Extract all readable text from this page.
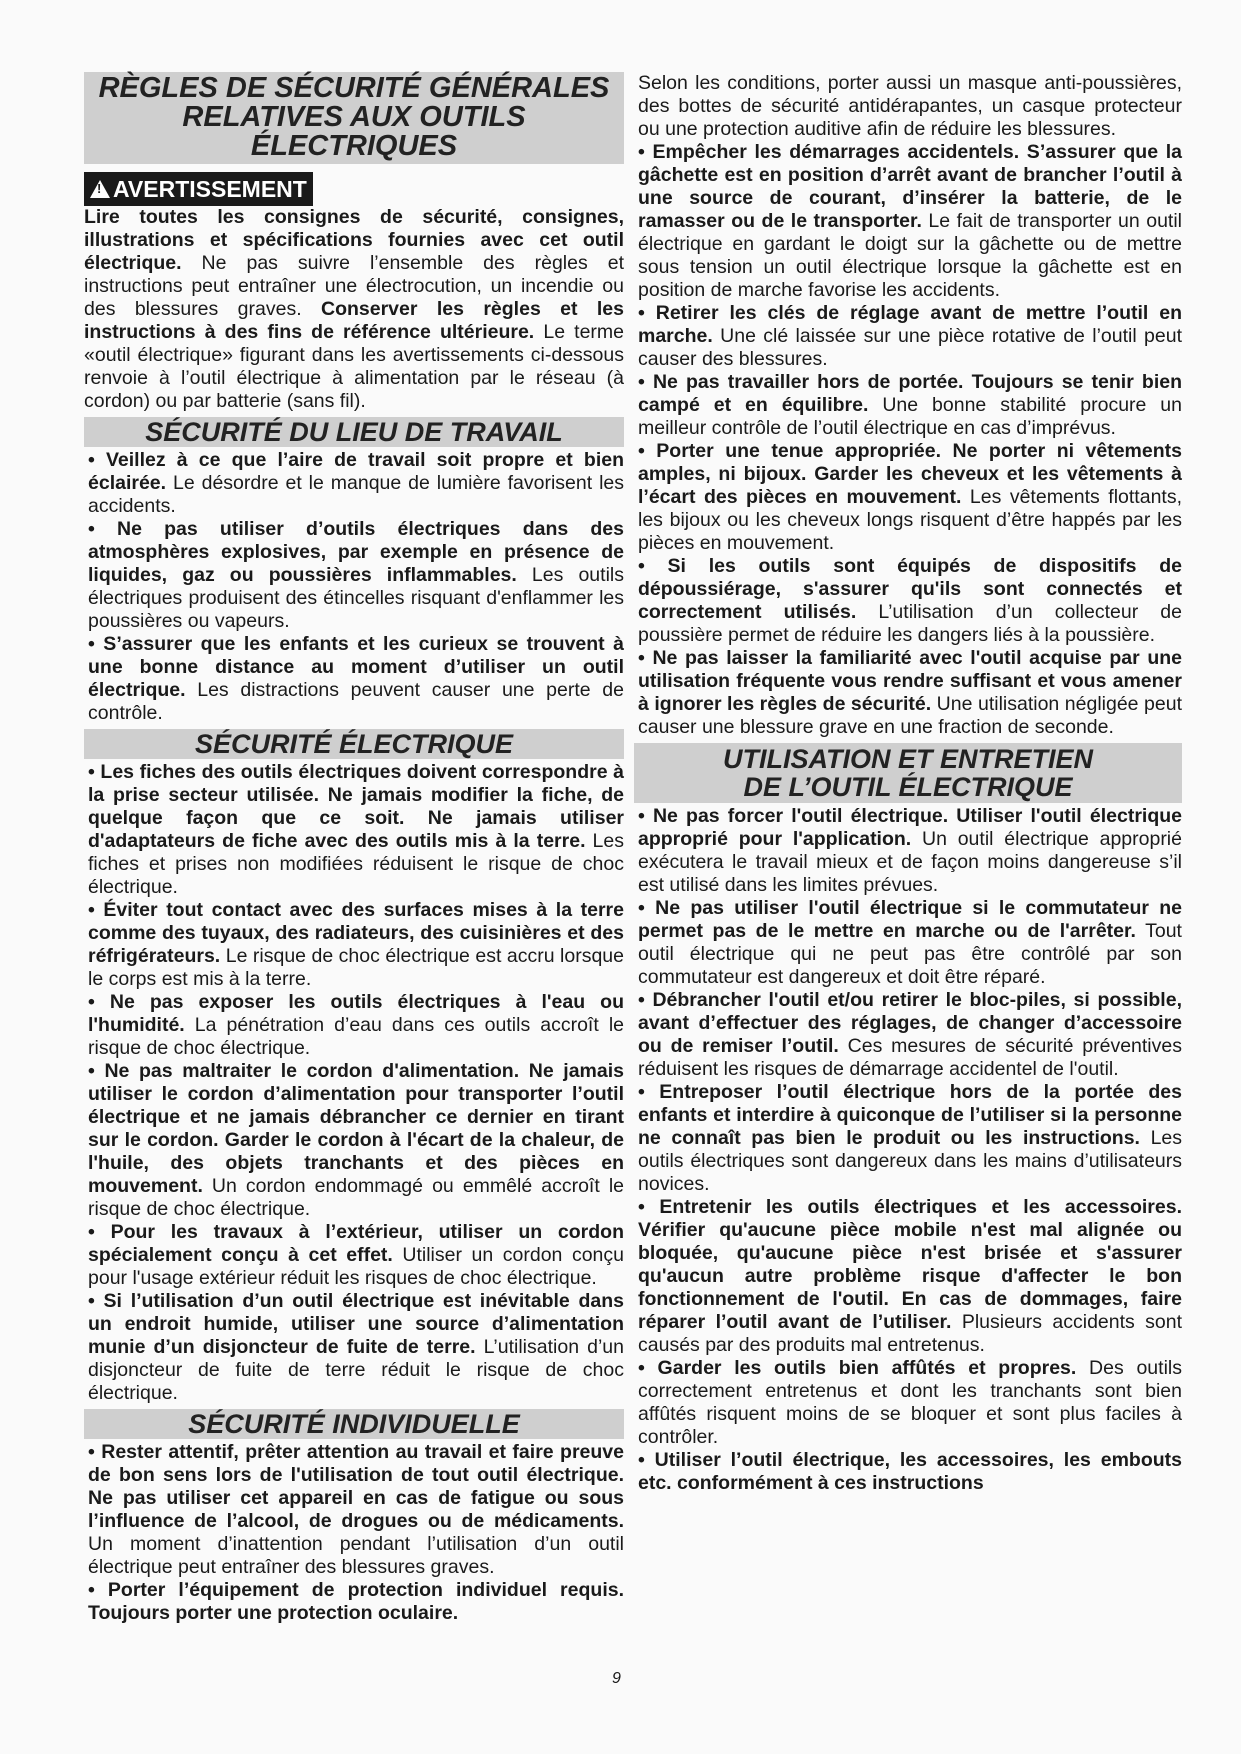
RÈGLES DE SÉCURITÉ GÉNÉRALES
RELATIVES AUX OUTILS ÉLECTRIQUES
! AVERTISSEMENT

Lire toutes les consignes de sécurité, consignes, illustrations et spécifications fournies avec cet outil électrique. Ne pas suivre l’ensemble des règles et instructions peut entraîner une électrocution, un incendie ou des blessures graves. Conserver les règles et les instructions à des fins de référence ultérieure. Le terme «outil électrique» figurant dans les avertissements ci-dessous renvoie à l’outil électrique à alimentation par le réseau (à cordon) ou par batterie (sans fil).

SÉCURITÉ DU LIEU DE TRAVAIL

• Veillez à ce que l’aire de travail soit propre et bien éclairée. Le désordre et le manque de lumière favorisent les accidents.

• Ne pas utiliser d’outils électriques dans des atmosphères explosives, par exemple en présence de liquides, gaz ou poussières inflammables. Les outils électriques produisent des étincelles risquant d'enflammer les poussières ou vapeurs.

• S’assurer que les enfants et les curieux se trouvent à une bonne distance au moment d’utiliser un outil électrique. Les distractions peuvent causer une perte de contrôle.

SÉCURITÉ ÉLECTRIQUE

• Les fiches des outils électriques doivent correspondre à la prise secteur utilisée. Ne jamais modifier la fiche, de quelque façon que ce soit. Ne jamais utiliser d'adaptateurs de fiche avec des outils mis à la terre. Les fiches et prises non modifiées réduisent le risque de choc électrique.

• Éviter tout contact avec des surfaces mises à la terre comme des tuyaux, des radiateurs, des cuisinières et des réfrigérateurs. Le risque de choc électrique est accru lorsque le corps est mis à la terre.

• Ne pas exposer les outils électriques à l'eau ou l'humidité. La pénétration d’eau dans ces outils accroît le risque de choc électrique.

• Ne pas maltraiter le cordon d'alimentation. Ne jamais utiliser le cordon d’alimentation pour transporter l’outil électrique et ne jamais débrancher ce dernier en tirant sur le cordon. Garder le cordon à l'écart de la chaleur, de l'huile, des objets tranchants et des pièces en mouvement. Un cordon endommagé ou emmêlé accroît le risque de choc électrique.

• Pour les travaux à l’extérieur, utiliser un cordon spécialement conçu à cet effet. Utiliser un cordon conçu pour l'usage extérieur réduit les risques de choc électrique.

• Si l’utilisation d’un outil électrique est inévitable dans un endroit humide, utiliser une source d’alimentation munie d’un disjoncteur de fuite de terre. L’utilisation d’un disjoncteur de fuite de terre réduit le risque de choc électrique.

SÉCURITÉ INDIVIDUELLE

• Rester attentif, prêter attention au travail et faire preuve de bon sens lors de l'utilisation de tout outil électrique. Ne pas utiliser cet appareil en cas de fatigue ou sous l’influence de l’alcool, de drogues ou de médicaments. Un moment d’inattention pendant l’utilisation d’un outil électrique peut entraîner des blessures graves.

• Porter l’équipement de protection individuel requis. Toujours porter une protection oculaire.

Selon les conditions, porter aussi un masque anti-poussières, des bottes de sécurité antidérapantes, un casque protecteur ou une protection auditive afin de réduire les blessures.

• Empêcher les démarrages accidentels. S’assurer que la gâchette est en position d’arrêt avant de brancher l’outil à une source de courant, d’insérer la batterie, de le ramasser ou de le transporter. Le fait de transporter un outil électrique en gardant le doigt sur la gâchette ou de mettre sous tension un outil électrique lorsque la gâchette est en position de marche favorise les accidents.

• Retirer les clés de réglage avant de mettre l’outil en marche. Une clé laissée sur une pièce rotative de l’outil peut causer des blessures.

• Ne pas travailler hors de portée. Toujours se tenir bien campé et en équilibre. Une bonne stabilité procure un meilleur contrôle de l’outil électrique en cas d’imprévus.

• Porter une tenue appropriée. Ne porter ni vêtements amples, ni bijoux. Garder les cheveux et les vêtements à l’écart des pièces en mouvement. Les vêtements flottants, les bijoux ou les cheveux longs risquent d’être happés par les pièces en mouvement.

• Si les outils sont équipés de dispositifs de dépoussiérage, s'assurer qu'ils sont connectés et correctement utilisés. L’utilisation d’un collecteur de poussière permet de réduire les dangers liés à la poussière.

• Ne pas laisser la familiarité avec l'outil acquise par une utilisation fréquente vous rendre suffisant et vous amener à ignorer les règles de sécurité. Une utilisation négligée peut causer une blessure grave en une fraction de seconde.

UTILISATION ET ENTRETIEN
DE L’OUTIL ÉLECTRIQUE

• Ne pas forcer l'outil électrique. Utiliser l'outil électrique approprié pour l'application. Un outil électrique approprié exécutera le travail mieux et de façon moins dangereuse s’il est utilisé dans les limites prévues.

• Ne pas utiliser l'outil électrique si le commutateur ne permet pas de le mettre en marche ou de l'arrêter. Tout outil électrique qui ne peut pas être contrôlé par son commutateur est dangereux et doit être réparé.

• Débrancher l'outil et/ou retirer le bloc-piles, si possible, avant d’effectuer des réglages, de changer d’accessoire ou de remiser l’outil. Ces mesures de sécurité préventives réduisent les risques de démarrage accidentel de l'outil.

• Entreposer l’outil électrique hors de la portée des enfants et interdire à quiconque de l’utiliser si la personne ne connaît pas bien le produit ou les instructions. Les outils électriques sont dangereux dans les mains d’utilisateurs novices.

• Entretenir les outils électriques et les accessoires. Vérifier qu'aucune pièce mobile n'est mal alignée ou bloquée, qu'aucune pièce n'est brisée et s'assurer qu'aucun autre problème risque d'affecter le bon fonctionnement de l'outil. En cas de dommages, faire réparer l’outil avant de l’utiliser. Plusieurs accidents sont causés par des produits mal entretenus.

• Garder les outils bien affûtés et propres. Des outils correctement entretenus et dont les tranchants sont bien affûtés risquent moins de se bloquer et sont plus faciles à contrôler.

• Utiliser l’outil électrique, les accessoires, les embouts etc. conformément à ces instructions

9
